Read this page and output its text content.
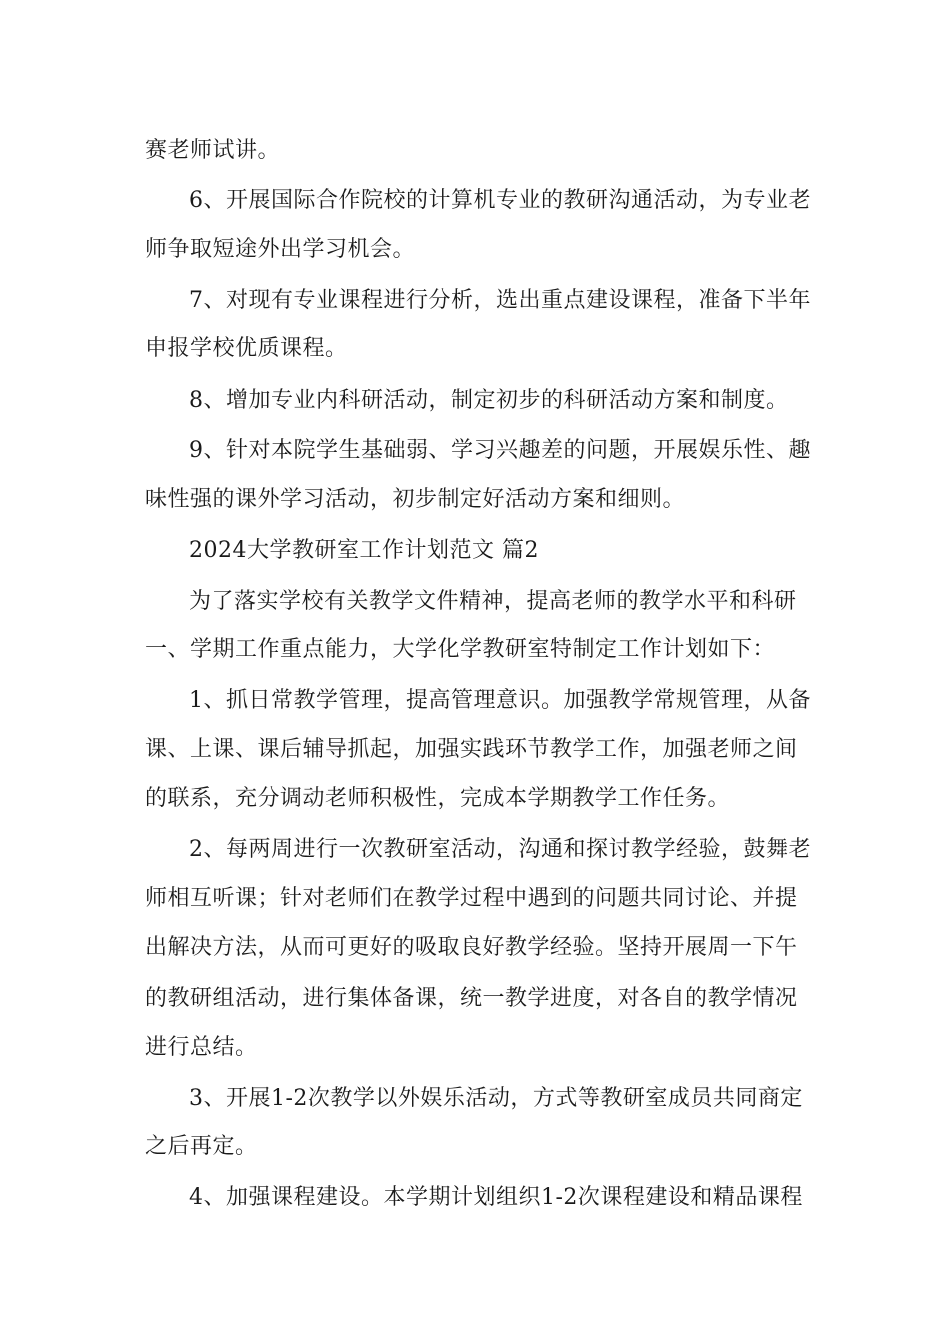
赛老师试讲。
6、开展国际合作院校的计算机专业的教研沟通活动，为专业老
师争取短途外出学习机会。
7、对现有专业课程进行分析，选出重点建设课程，准备下半年
申报学校优质课程。
8、增加专业内科研活动，制定初步的科研活动方案和制度。
9、针对本院学生基础弱、学习兴趣差的问题，开展娱乐性、趣
味性强的课外学习活动，初步制定好活动方案和细则。
2024大学教研室工作计划范文 篇2
为了落实学校有关教学文件精神，提高老师的教学水平和科研
一、学期工作重点能力，大学化学教研室特制定工作计划如下：
1、抓日常教学管理，提高管理意识。加强教学常规管理，从备
课、上课、课后辅导抓起，加强实践环节教学工作，加强老师之间
的联系，充分调动老师积极性，完成本学期教学工作任务。
2、每两周进行一次教研室活动，沟通和探讨教学经验，鼓舞老
师相互听课；针对老师们在教学过程中遇到的问题共同讨论、并提
出解决方法，从而可更好的吸取良好教学经验。坚持开展周一下午
的教研组活动，进行集体备课，统一教学进度，对各自的教学情况
进行总结。
3、开展1-2次教学以外娱乐活动，方式等教研室成员共同商定
之后再定。
4、加强课程建设。本学期计划组织1-2次课程建设和精品课程
